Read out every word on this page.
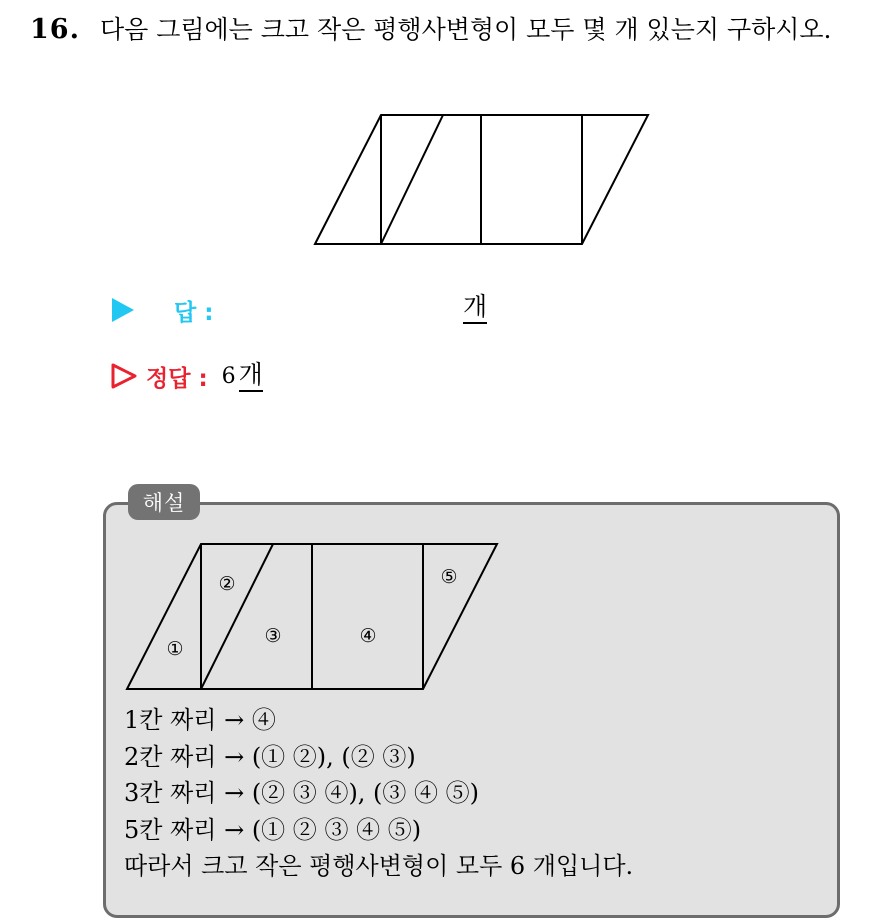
16. 다음 그림에는 크고 작은 평행사변형이 모두 몇 개 있는지 구하시오.
답 :	개
정답 : 6 개
해설
①
②
③	④
⑤
1칸 짜리 → ④
2칸 짜리 → (① ②), (② ③)
3칸 짜리 → (② ③ ④), (③ ④ ⑤)
5칸 짜리 → (① ② ③ ④ ⑤)
따라서 크고 작은 평행사변형이 모두 6 개입니다.
